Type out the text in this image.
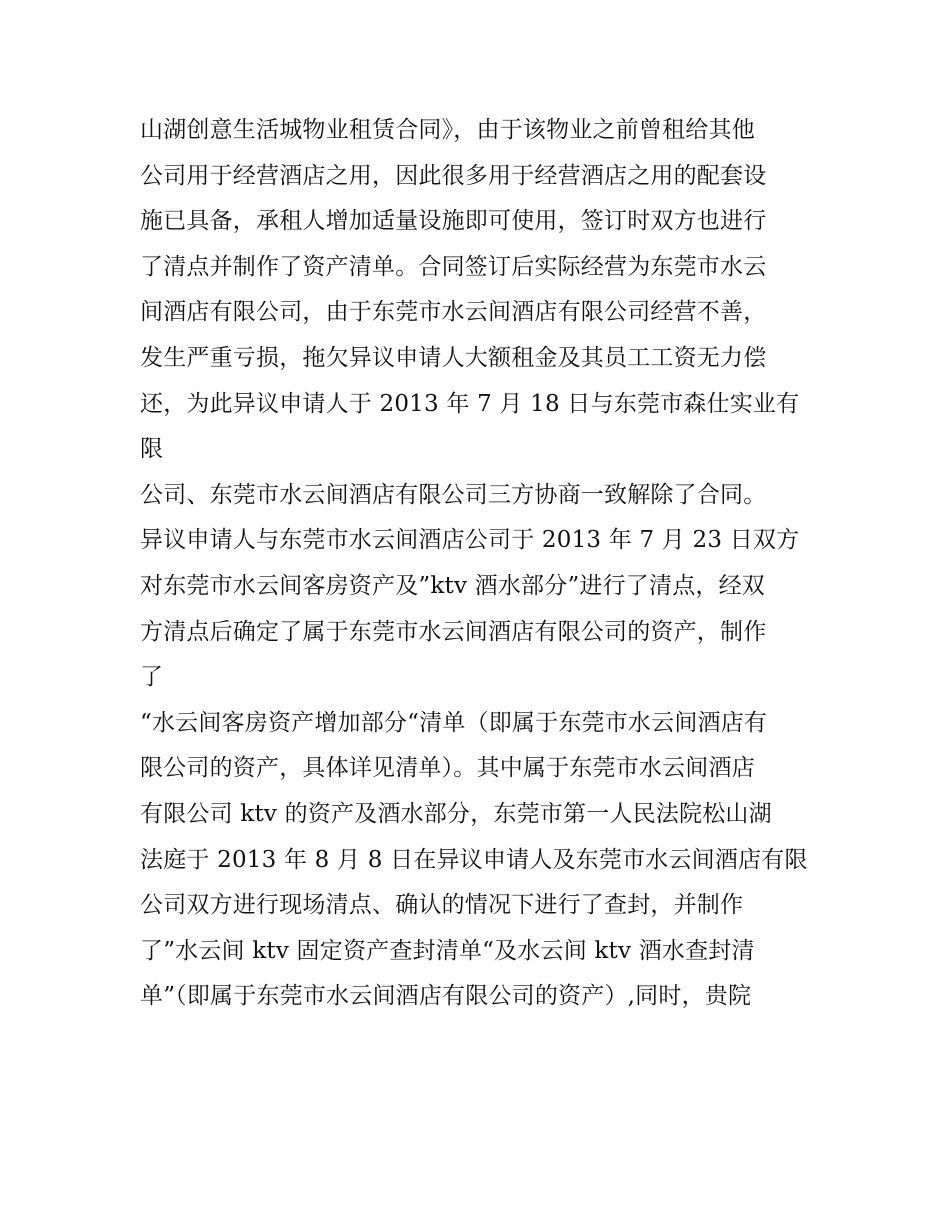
山湖创意生活城物业租赁合同》，由于该物业之前曾租给其他
公司用于经营酒店之用，因此很多用于经营酒店之用的配套设
施已具备，承租人增加适量设施即可使用，签订时双方也进行
了清点并制作了资产清单。合同签订后实际经营为东莞市水云
间酒店有限公司，由于东莞市水云间酒店有限公司经营不善，
发生严重亏损，拖欠异议申请人大额租金及其员工工资无力偿
还，为此异议申请人于 2013 年 7 月 18 日与东莞市森仕实业有
限
公司、东莞市水云间酒店有限公司三方协商一致解除了合同。
异议申请人与东莞市水云间酒店公司于 2013 年 7 月 23 日双方
对东莞市水云间客房资产及”ktv 酒水部分”进行了清点，经双
方清点后确定了属于东莞市水云间酒店有限公司的资产，制作
了
“水云间客房资产增加部分“清单（即属于东莞市水云间酒店有
限公司的资产，具体详见清单）。其中属于东莞市水云间酒店
有限公司 ktv 的资产及酒水部分，东莞市第一人民法院松山湖
法庭于 2013 年 8 月 8 日在异议申请人及东莞市水云间酒店有限
公司双方进行现场清点、确认的情况下进行了查封，并制作
了”水云间 ktv 固定资产查封清单“及水云间 ktv 酒水查封清
单”（即属于东莞市水云间酒店有限公司的资产）,同时，贵院
